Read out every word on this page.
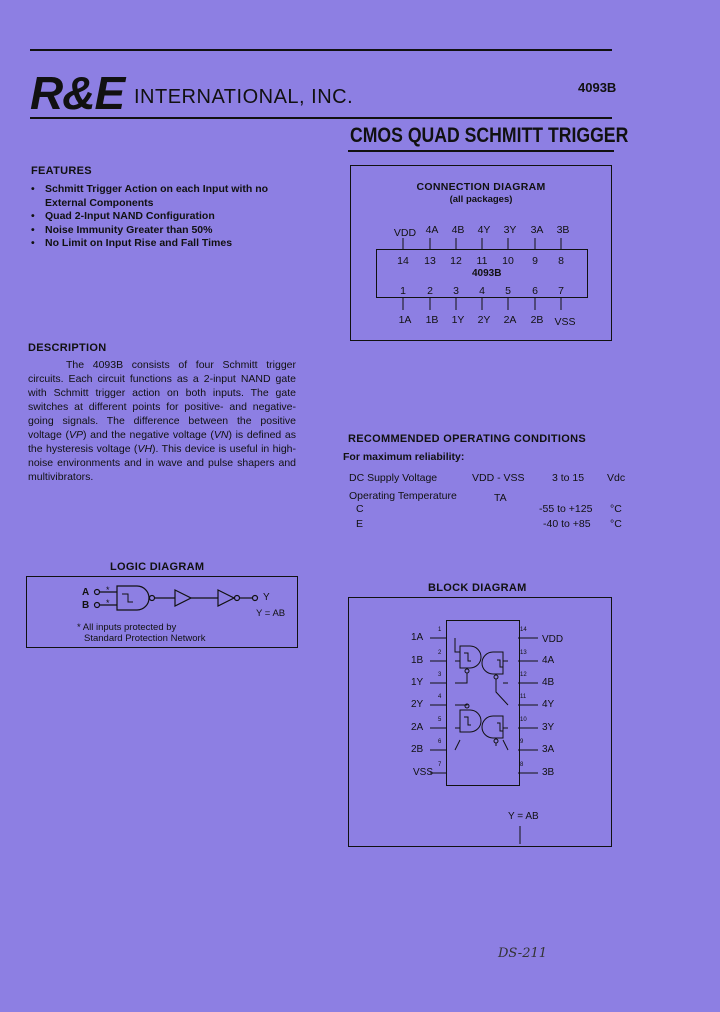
R&E INTERNATIONAL, INC.	4093B
CMOS QUAD SCHMITT TRIGGER
FEATURES
• Schmitt Trigger Action on each Input with no External Components
• Quad 2-Input NAND Configuration
• Noise Immunity Greater than 50%
• No Limit on Input Rise and Fall Times
CONNECTION DIAGRAM
(all packages)
4093B
VDD 4A	4B	4Y	3Y	3A	3B
14	13	12	11	10	9	8
1	2	3	4	5	6	7
1A	1B	1Y	2Y	2A	2B	VSS
DESCRIPTION
The 4093B consists of four Schmitt trigger circuits. Each circuit functions as a 2-input NAND gate with Schmitt trigger action on both inputs. The gate switches at different points for positive- and negative-going signals. The difference between the positive voltage (VP) and the negative voltage (VN) is defined as the hysteresis voltage (VH). This device is useful in high-noise environments and in wave and pulse shapers and multivibrators.
RECOMMENDED OPERATING CONDITIONS
For maximum reliability:
DC Supply Voltage	VDD - VSS	3 to 15 Vdc
Operating Temperature	TA
C	-55 to +125 °C
E	-40 to +85 °C
LOGIC DIAGRAM
A
B
*
*	Y
Y = AB
* All inputs protected by
Standard Protection Network
BLOCK DIAGRAM
1A
1B
1Y
2Y
2A
2B
VSS
1
2
3
4
5
6
7
14
13
12
11
10
9
8
VDD
4A
4B
4Y
3Y
3A
3B
Y = AB
DS-211
